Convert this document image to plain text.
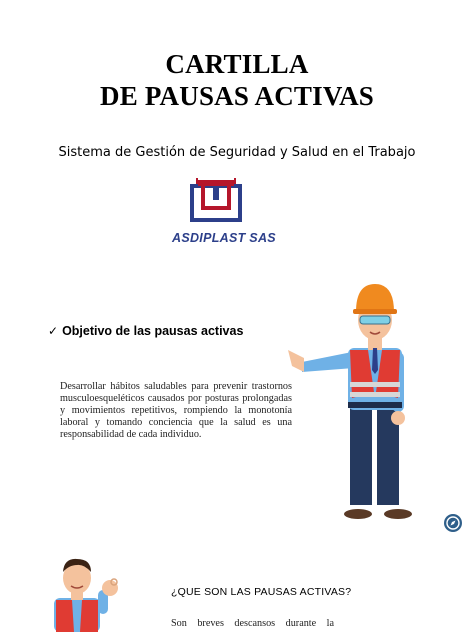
CARTILLA
DE PAUSAS ACTIVAS
Sistema de Gestión de Seguridad y Salud en el Trabajo
ASDIPLAST SAS
✓ Objetivo de las pausas activas
Desarrollar hábitos saludables para prevenir trastornos musculoesqueléticos causados por posturas prolongadas y movimientos repetitivos, rompiendo la monotonía laboral y tomando conciencia que la salud es una responsabilidad de cada individuo.
¿QUE SON LAS PAUSAS ACTIVAS?
Son breves descansos durante la
